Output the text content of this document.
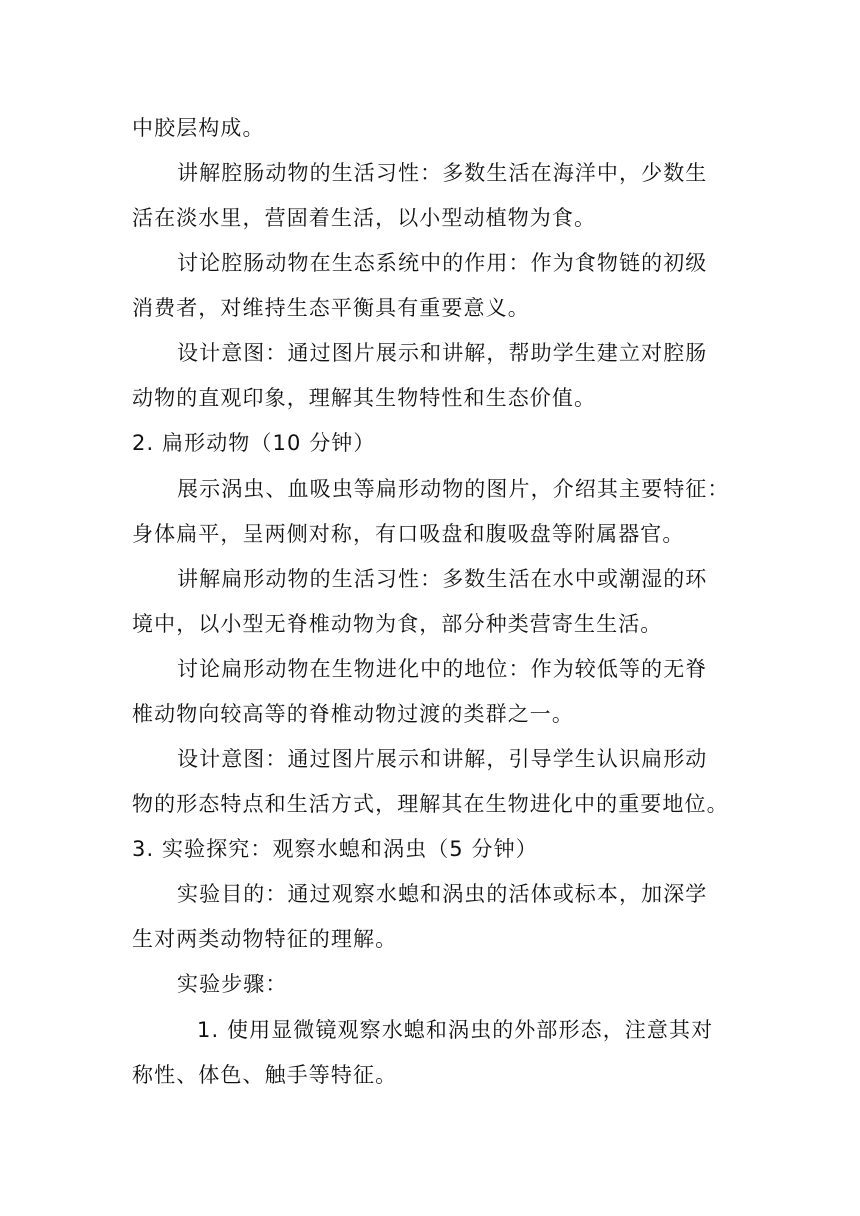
中胶层构成。
讲解腔肠动物的生活习性：多数生活在海洋中，少数生
活在淡水里，营固着生活，以小型动植物为食。
讨论腔肠动物在生态系统中的作用：作为食物链的初级
消费者，对维持生态平衡具有重要意义。
设计意图：通过图片展示和讲解，帮助学生建立对腔肠
动物的直观印象，理解其生物特性和生态价值。
2. 扁形动物（10 分钟）
展示涡虫、血吸虫等扁形动物的图片，介绍其主要特征：
身体扁平，呈两侧对称，有口吸盘和腹吸盘等附属器官。
讲解扁形动物的生活习性：多数生活在水中或潮湿的环
境中，以小型无脊椎动物为食，部分种类营寄生生活。
讨论扁形动物在生物进化中的地位：作为较低等的无脊
椎动物向较高等的脊椎动物过渡的类群之一。
设计意图：通过图片展示和讲解，引导学生认识扁形动
物的形态特点和生活方式，理解其在生物进化中的重要地位。
3. 实验探究：观察水螅和涡虫（5 分钟）
实验目的：通过观察水螅和涡虫的活体或标本，加深学
生对两类动物特征的理解。
实验步骤：
1. 使用显微镜观察水螅和涡虫的外部形态，注意其对
称性、体色、触手等特征。
